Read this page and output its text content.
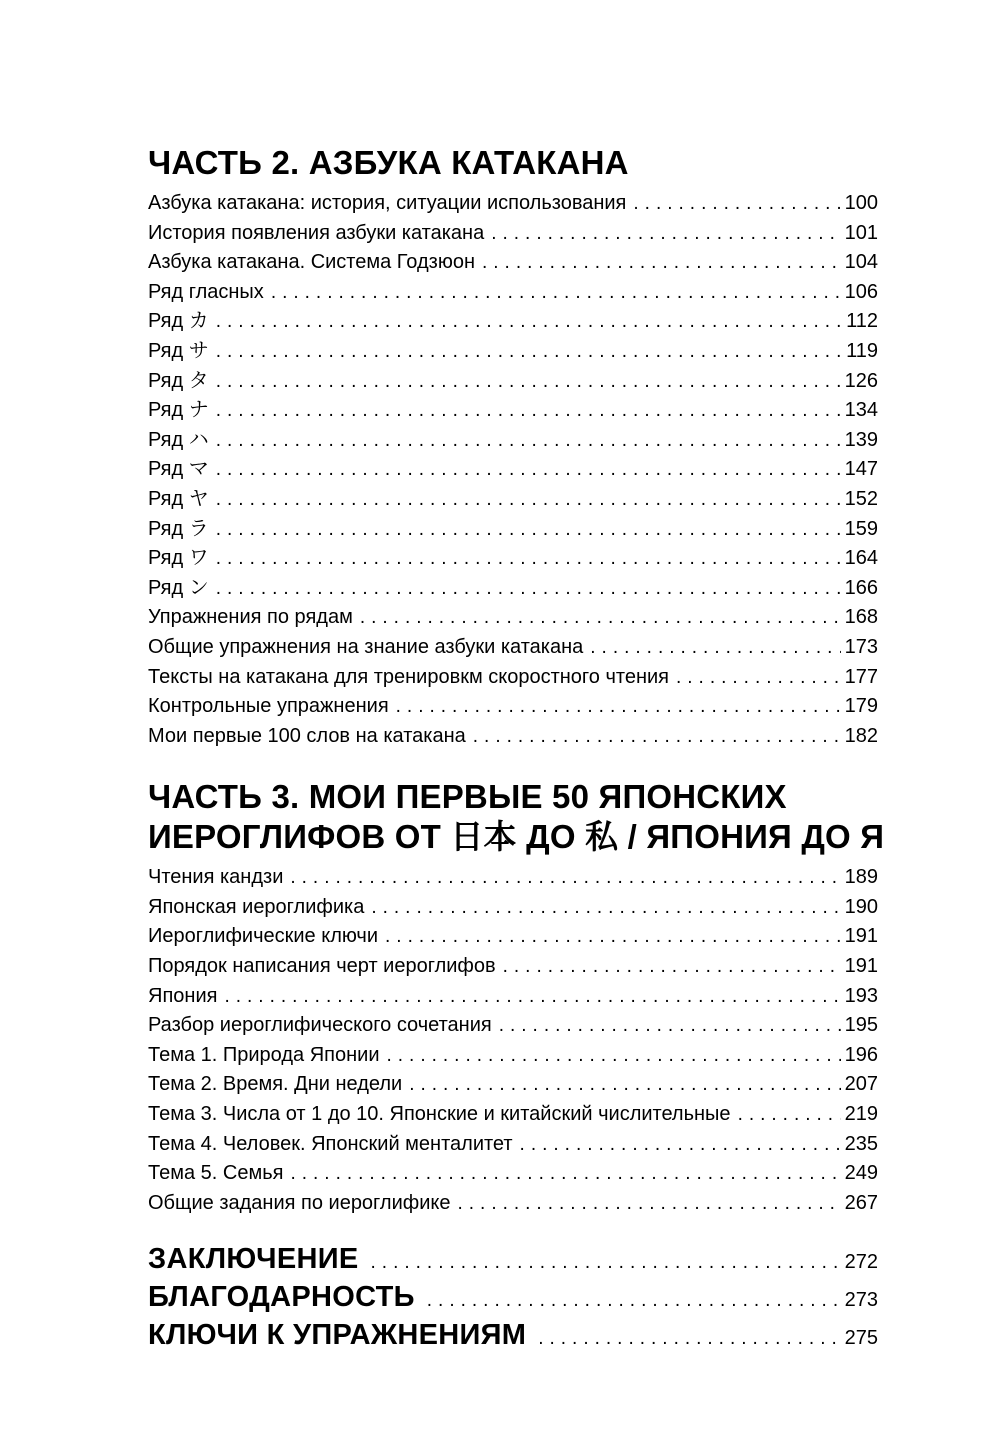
ЧАСТЬ 2. АЗБУКА КАТАКАНА
Азбука катакана: история, ситуации использования .....	100
История появления азбуки катакана .....	101
Азбука катакана. Система Годзюон .....	104
Ряд гласных .....	106
Ряд カ .....	112
Ряд サ .....	119
Ряд タ .....	126
Ряд ナ .....	134
Ряд ハ .....	139
Ряд マ .....	147
Ряд ヤ .....	152
Ряд ラ .....	159
Ряд ワ .....	164
Ряд ン .....	166
Упражнения по рядам .....	168
Общие упражнения на знание азбуки катакана .....	173
Тексты на катакана для тренировкм скоростного чтения .....	177
Контрольные упражнения .....	179
Мои первые 100 слов на катакана .....	182
ЧАСТЬ 3. МОИ ПЕРВЫЕ 50 ЯПОНСКИХ
ИЕРОГЛИФОВ ОТ 日本 ДО 私 / ЯПОНИЯ ДО Я
Чтения кандзи .....	189
Японская иероглифика .....	190
Иероглифические ключи .....	191
Порядок написания черт иероглифов .....	191
Япония .....	193
Разбор иероглифического сочетания .....	195
Тема 1. Природа Японии .....	196
Тема 2. Время. Дни недели .....	207
Тема 3. Числа от 1 до 10. Японские и китайский числительные .....	219
Тема 4. Человек. Японский менталитет .....	235
Тема 5. Семья .....	249
Общие задания по иероглифике .....	267
ЗАКЛЮЧЕНИЕ .....	272
БЛАГОДАРНОСТЬ .....	273
КЛЮЧИ К УПРАЖНЕНИЯМ .....	275
